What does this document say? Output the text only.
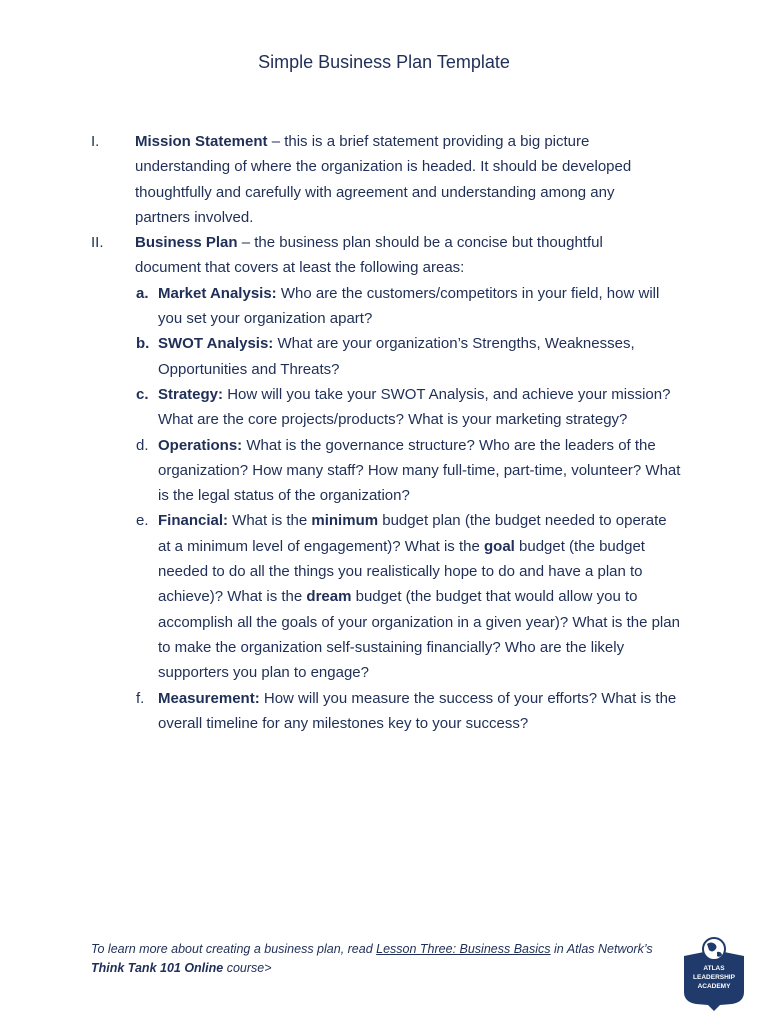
Simple Business Plan Template
I. Mission Statement – this is a brief statement providing a big picture understanding of where the organization is headed. It should be developed thoughtfully and carefully with agreement and understanding among any partners involved.
II. Business Plan – the business plan should be a concise but thoughtful document that covers at least the following areas:
a. Market Analysis: Who are the customers/competitors in your field, how will you set your organization apart?
b. SWOT Analysis: What are your organization’s Strengths, Weaknesses, Opportunities and Threats?
c. Strategy: How will you take your SWOT Analysis, and achieve your mission? What are the core projects/products? What is your marketing strategy?
d. Operations: What is the governance structure? Who are the leaders of the organization? How many staff? How many full-time, part-time, volunteer? What is the legal status of the organization?
e. Financial: What is the minimum budget plan (the budget needed to operate at a minimum level of engagement)? What is the goal budget (the budget needed to do all the things you realistically hope to do and have a plan to achieve)? What is the dream budget (the budget that would allow you to accomplish all the goals of your organization in a given year)? What is the plan to make the organization self-sustaining financially? Who are the likely supporters you plan to engage?
f. Measurement: How will you measure the success of your efforts? What is the overall timeline for any milestones key to your success?
To learn more about creating a business plan, read Lesson Three: Business Basics in Atlas Network’s
Think Tank 101 Online course>	ATLAS
LEADERSHIP
ACADEMY
